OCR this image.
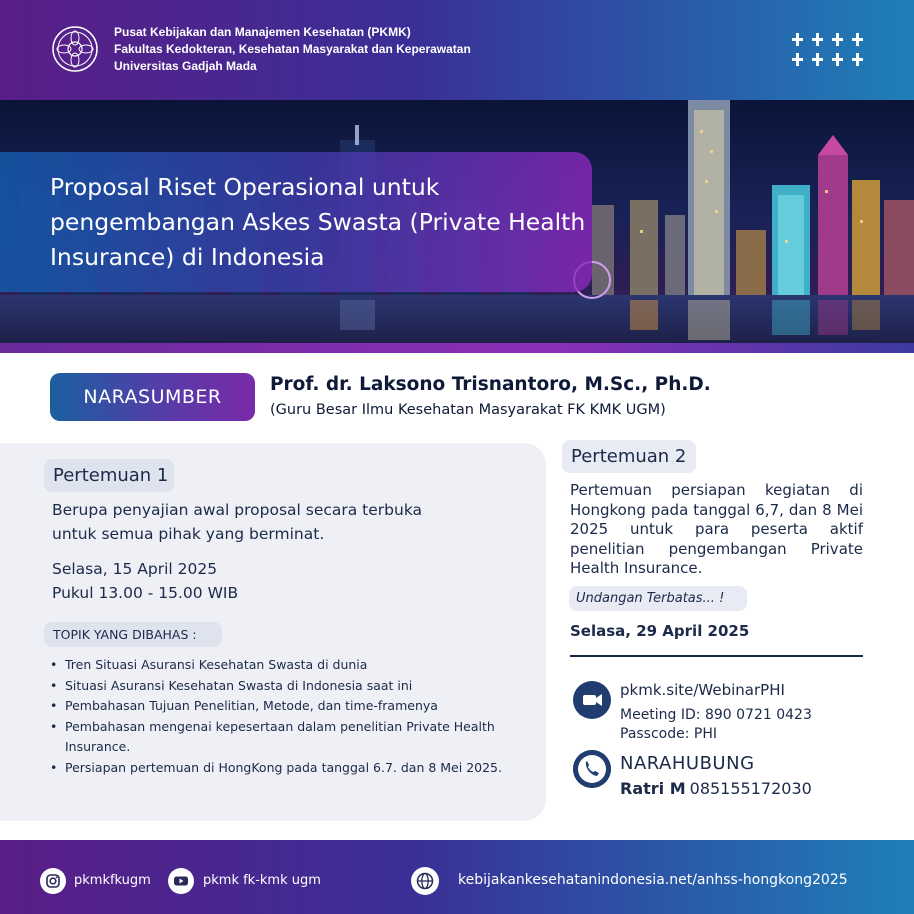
Pusat Kebijakan dan Manajemen Kesehatan (PKMK)
Fakultas Kedokteran, Kesehatan Masyarakat dan Keperawatan
Universitas Gadjah Mada
Proposal Riset Operasional untuk pengembangan Askes Swasta (Private Health Insurance) di Indonesia
NARASUMBER
Prof. dr. Laksono Trisnantoro, M.Sc., Ph.D.
(Guru Besar Ilmu Kesehatan Masyarakat FK KMK UGM)
Pertemuan 1
Berupa penyajian awal proposal secara terbuka untuk semua pihak yang berminat.
Selasa, 15 April 2025
Pukul 13.00 - 15.00 WIB
TOPIK YANG DIBAHAS :
• Tren Situasi Asuransi Kesehatan Swasta di dunia
• Situasi Asuransi Kesehatan Swasta di Indonesia saat ini
• Pembahasan Tujuan Penelitian, Metode, dan time-framenya
• Pembahasan mengenai kepesertaan dalam penelitian Private Health Insurance.
• Persiapan pertemuan di HongKong pada tanggal 6.7. dan 8 Mei 2025.
Pertemuan 2
Pertemuan persiapan kegiatan di Hongkong pada tanggal 6,7, dan 8 Mei 2025 untuk para peserta aktif penelitian pengembangan Private Health Insurance.
Undangan Terbatas... !
Selasa, 29 April 2025
pkmk.site/WebinarPHI
Meeting ID: 890 0721 0423
Passcode: PHI
NARAHUBUNG
Ratri M 085155172030
pkmkfkugm	pkmk fk-kmk ugm	kebijakankesehatanindonesia.net/anhss-hongkong2025
